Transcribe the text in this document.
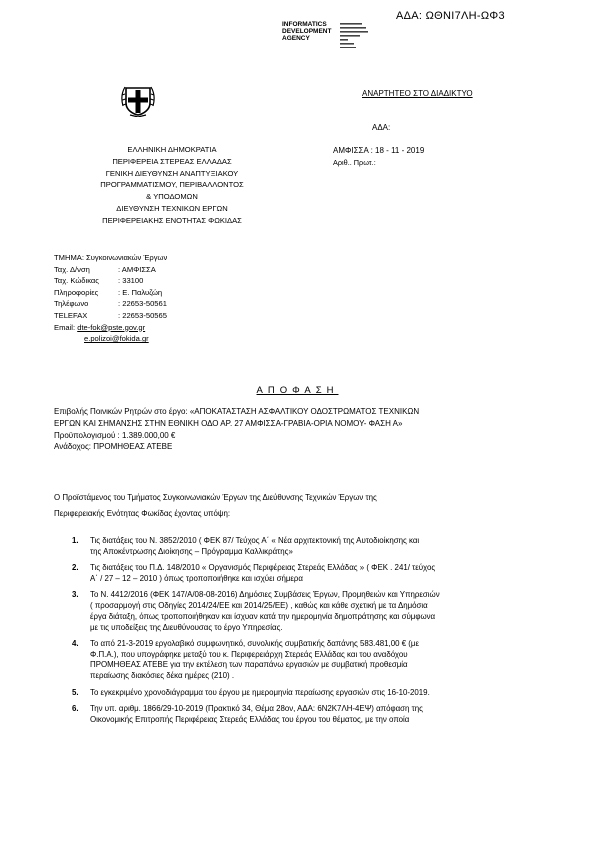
ΑΔΑ: ΩΘΝΙ7ΛΗ-ΩΦ3
INFORMATICS
DEVELOPMENT
AGENCY
ΑΝΑΡΤΗΤΕΟ ΣΤΟ ΔΙΑΔΙΚΤΥΟ
ΑΔΑ:
ΕΛΛΗΝΙΚΗ ΔΗΜΟΚΡΑΤΙΑ
ΠΕΡΙΦΕΡΕΙΑ ΣΤΕΡΕΑΣ ΕΛΛΑΔΑΣ
ΓΕΝΙΚΗ ΔΙΕΥΘΥΝΣΗ ΑΝΑΠΤΥΞΙΑΚΟΥ
ΠΡΟΓΡΑΜΜΑΤΙΣΜΟΥ, ΠΕΡΙΒΑΛΛΟΝΤΟΣ
& ΥΠΟΔΟΜΩΝ
ΔΙΕΥΘΥΝΣΗ ΤΕΧΝΙΚΩΝ ΕΡΓΩΝ
ΠΕΡΙΦΕΡΕΙΑΚΗΣ ΕΝΟΤΗΤΑΣ ΦΩΚΙΔΑΣ
ΑΜΦΙΣΣΑ : 18 - 11 - 2019
Αριθ.. Πρωτ.:
ΤΜΗΜΑ: Συγκοινωνιακών Έργων
Ταχ. Δ/νση	: ΑΜΦΙΣΣΑ
Ταχ. Κώδικας	: 33100
Πληροφορίες	: Ε. Παλυζώη
Τηλέφωνο	: 22653-50561
TELEFAX	: 22653-50565
Email: dte-fok@pste.gov.gr
e.polizoi@fokida.gr
ΑΠΟΦΑΣΗ
Επιβολής Ποινικών Ρητρών στο έργο: «ΑΠΟΚΑΤΑΣΤΑΣΗ ΑΣΦΑΛΤΙΚΟΥ ΟΔΟΣΤΡΩΜΑΤΟΣ ΤΕΧΝΙΚΩΝ
ΕΡΓΩΝ ΚΑΙ ΣΗΜΑΝΣΗΣ ΣΤΗΝ ΕΘΝΙΚΗ ΟΔΟ ΑΡ. 27 ΑΜΦΙΣΣΑ-ΓΡΑΒΙΑ-ΟΡΙΑ ΝΟΜΟΥ- ΦΑΣΗ Α»
Προϋπολογισμού : 1.389.000,00 €
Ανάδοχος: ΠΡΟΜΗΘΕΑΣ ΑΤΕΒΕ
Ο Προϊστάμενος του Τμήματος Συγκοινωνιακών Έργων της Διεύθυνσης Τεχνικών Έργων της
Περιφερειακής Ενότητας Φωκίδας έχοντας υπόψη:
1. Τις διατάξεις του Ν. 3852/2010 ( ΦΕΚ 87/ Τεύχος Α΄ « Νέα αρχιτεκτονική της Αυτοδιοίκησης και
της Αποκέντρωσης Διοίκησης – Πρόγραμμα Καλλικράτης»
2. Τις διατάξεις του Π.Δ. 148/2010 « Οργανισμός Περιφέρειας Στερεάς Ελλάδας » ( ΦΕΚ . 241/ τεύχος
Α΄ / 27 – 12 – 2010 ) όπως τροποποιήθηκε και ισχύει σήμερα
3. Το Ν. 4412/2016 (ΦΕΚ 147/Α/08-08-2016) Δημόσιες Συμβάσεις Έργων, Προμηθειών και Υπηρεσιών
( προσαρμογή στις Οδηγίες 2014/24/ΕΕ και 2014/25/ΕΕ) , καθώς και κάθε σχετική με τα Δημόσια
έργα διάταξη, όπως τροποποιήθηκαν και ίσχυαν κατά την ημερομηνία δημοπράτησης και σύμφωνα
με τις υποδείξεις της Διευθύνουσας το έργο Υπηρεσίας.
4. Το από 21-3-2019 εργολαβικό συμφωνητικό, συνολικής συμβατικής δαπάνης 583.481,00 € (με
Φ.Π.Α.), που υπογράφηκε μεταξύ του κ. Περιφερειάρχη Στερεάς Ελλάδας και του αναδόχου
ΠΡΟΜΗΘΕΑΣ ΑΤΕΒΕ για την εκτέλεση των παραπάνω εργασιών με συμβατική προθεσμία
περαίωσης διακόσιες δέκα ημέρες (210) .
5. Το εγκεκριμένο χρονοδιάγραμμα του έργου με ημερομηνία περαίωσης εργασιών στις 16-10-2019.
6. Την υπ. αριθμ. 1866/29-10-2019 (Πρακτικό 34, Θέμα 28ον, ΑΔΑ: 6Ν2Κ7ΛΗ-4ΕΨ) απόφαση της
Οικονομικής Επιτροπής Περιφέρειας Στερεάς Ελλάδας του έργου του θέματος, με την οποία
